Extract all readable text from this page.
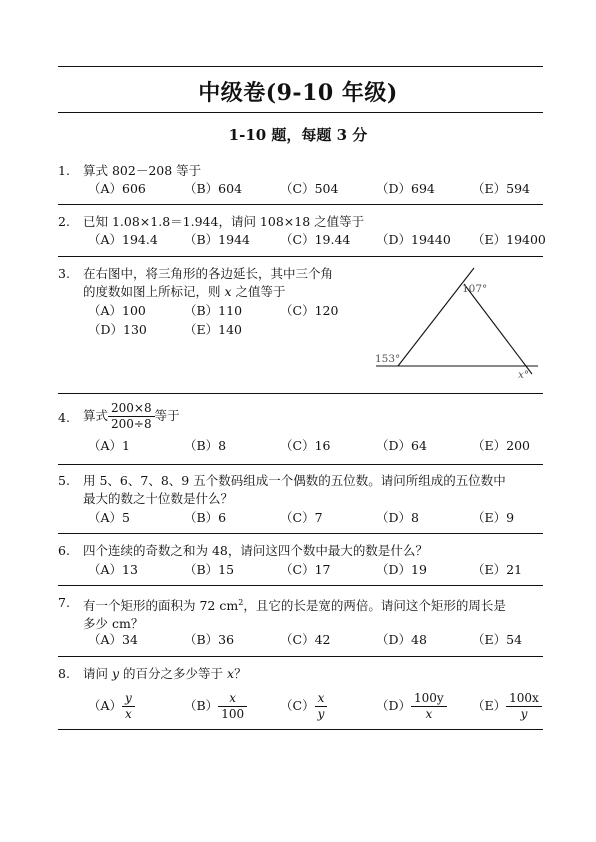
中级卷(9-10 年级)
1-10 题，每题 3 分
1. 算式 802－208 等于
（A）606	（B）604	（C）504	（D）694	（E）594
2. 已知 1.08×1.8＝1.944，请问 108×18 之值等于
（A）194.4 （B）1944 （C）19.44 （D）19440 （E）19400
3. 在右图中，将三角形的各边延长，其中三个角
的度数如图上所标记，则 x 之值等于
（A）100	（B）110	（C）120
（D）130	（E）140
107°
153°
x°
4. 算式 $\frac{200\times 8}{200\div 8}$ 等于
（A）1	（B）8	（C）16	（D）64	（E）200
5. 用 5、6、7、8、9 五个数码组成一个偶数的五位数。请问所组成的五位数中
最大的数之十位数是什么？
（A）5	（B）6	（C）7	（D）8	（E）9
6. 四个连续的奇数之和为 48，请问这四个数中最大的数是什么？
（A）13	（B）15	（C）17	（D）19	（E）21
7. 有一个矩形的面积为 72 $cm^2$，且它的长是宽的两倍。请问这个矩形的周长是
多少 cm？
（A）34	（B）36	（C）42	（D）48	（E）54
8. 请问 y 的百分之多少等于 x？
$(A) \frac{y}{x}$	$(B) \frac{x}{100}$	$(C) \frac{x}{y}$	$(D) \frac{100y}{x} (E) \frac{100x}{y}$
